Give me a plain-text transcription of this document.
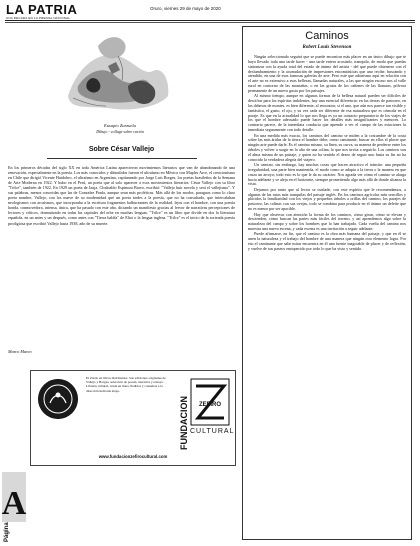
LA PATRIA
UNA DECADA EN LA PRENSA NACIONAL
Oruro, viernes 29 de mayo de 2020
Eusapio Zurzuela
Dibujo - collage sobre cartón
Sobre César Vallejo

En los primeros décadas del siglo XX en toda América Latina aparecieron movimientos literarios que van de abandonando de una renovación, especialmente en la poesía. Los más conocidos y difundidos fueron el ultraísmo en México con Maples Arce, el creacionismo en Chile que dirigió Vicente Huidobro, el ultraísmo en Argentina, capitaneado por Jorge Luis Borges, los poetas brasileños de la Semana de Arte Moderna en 1922. Y hubo en el Perú, un poeta que al solo aparecer a esos movimientos literarios: César Vallejo con su libro "Trilce", también de 1922. En 1929 un poeta de Jauja, Clodoaldo Espinoza Bravo, escribió: "Vallejo huir novela y será el vallejismo". Y sus palabras, menos conocidas que las de Gonzalez Prada, aunque sean más proféticas. Más allá de los modos, paraguas como lo claro poeta nombre, Vallejo, con los nueve de su modernidad qué un poeta tardes a la poesía, que no ha consultado, que intercalaban neologismos con arcaísmos, que incorporaba a la escritura fragmentos balbuceantes de la realidad, lejos con el hombre, con una poesía honda, conmovedora, intensa, única, que ha pasado con este año, dictando un manifiesto gracias al fervor de narrativas percepciones de lectores y críticos, dramatizado en todas las capitales del orbe en muchas lenguas. "Trilce" es un libro que divide en dos la literatura española, en un antes y un después, como antes con "Tierra baldía" de Eliot o la lengua inglesa. "Trilce" es el inicio de la sorteada poesía prodigiosa que escribió Vallejo hasta 1938, año de su muerte.

Marco Marco
Caminos
Robert Louis Stevenson

Ningún seleccionado seguirá que se puede encontrar más placer en un único dibujo que te haya llevado toda una tarde hacer - una tarde entera acostado, tranquilo, de modo que puedas sintonizar con la ayuda total del estado de ánimo del artista - del que puede obtenerse con el deslumbramiento y la acumulación de impresiones encomiásticas que uno recibe, buscando y atendido, en una de esas famosas galerías de arte. Pero este que adonismo aquí en relación con el arte no es extensivo a esas bellezas, llamadas naturales, a las que ningún escaso nos al valle rural en contorno de las montañas, o en las grutas de los cañones de las llanuras, pólvora permanente de un nuevo gusto por los paisajes.

Al mismo tiempo, aunque en algunas formas de la belleza natural pueden ser difíciles de descifrar para los espíritus indolentes, hay una esencial diferencia: en las tierras de pastoreo, en las dehesas de montes, es bien diferente, al encontrar, si el uno, que aún nos parece tan visible y fantástica, el gusto, el ojo, y su vez cada ser diferente de esa naturaleza que es cómoda en el paraje. Es que en la actualidad lo que nos llega es ya un contacto preparatorio de los viajes de los que el hombre adecuado puede hacer los detalles más insignificantes y menores. Lo contrario parece, de la inmediata conducta que aprende a ver el campo de las estaciones la inmediata seguramente con todo detalle.

En una medida más exacta, los caminos del camino se miden a la costumbre de la costa sobre las más áridas de la tierra el hombre debe, como caminante, buscar en ellos el placer que ningún arte puede darle. Es el camino mismo, su línea, su curva, su manera de perderse entre los árboles y volver a surgir en lo alto de una colina, lo que nos invita a seguirlo. Los caminos son el alma misma de un paisaje, y quien no ha sentido el deseo de seguir uno hasta su fin no ha conocido la verdadera alegría del viajero.

Un camino, sin embargo, hay muchas cosas que hacen atractivo el tránsito: una pequeña irregularidad, una parte bien mantenida, el modo como se adapta a la tierra o la manera en que cruza un arroyo; todo esto es lo que le da su carácter. Nos agrada ver cómo el camino se alarga hacia adelante y se aleja en el horizonte, siempre prometiendo algo más allá de donde alcanza la vista.

Dejamos por tanto que al lector se traslade, con este espíritu que le recomendamos, a algunas de las rutas más tranquilas del paisaje inglés. En los caminos agrícolas más sencillos y plácidos la familiaridad con los viejos y pequeños árboles a orillas del camino, los parajes de pastoreo, las colinas con sus ovejas, todo se combina para producir en el ánimo un deleite que no es menor por ser apacible.

Hay que observar con atención la forma de los caminos, cómo giran, cómo se elevan y descienden, cómo buscan las partes más fáciles del terreno, y así aprendemos algo sobre la naturaleza del campo y sobre los hombres que lo han trabajado. Cada vuelta del camino nos muestra una nueva escena, y cada escena es una invitación a seguir adelante.

Puede afirmarse, en fin, que el camino es la obra más humana del paisaje, y que en él se unen la naturaleza y el trabajo del hombre de una manera que ningún otro elemento logra. Por eso el caminante que sabe mirar encuentra en él una fuente inagotable de placer y de reflexión, y vuelve de sus paseos enriquecido por todo lo que ha visto y sentido.

El Zurdo en libros distribuidor. Sus ediciones originales de Vallejo y Borges, selección de poesía, narrativa y ensayo. Librería cultural, venta en línea. Pedidos y consultas a la dirección indicada abajo.
FUNDACION ZEFIRO
CULTURAL
www.fundacionzefirocultural.com
A
Página
